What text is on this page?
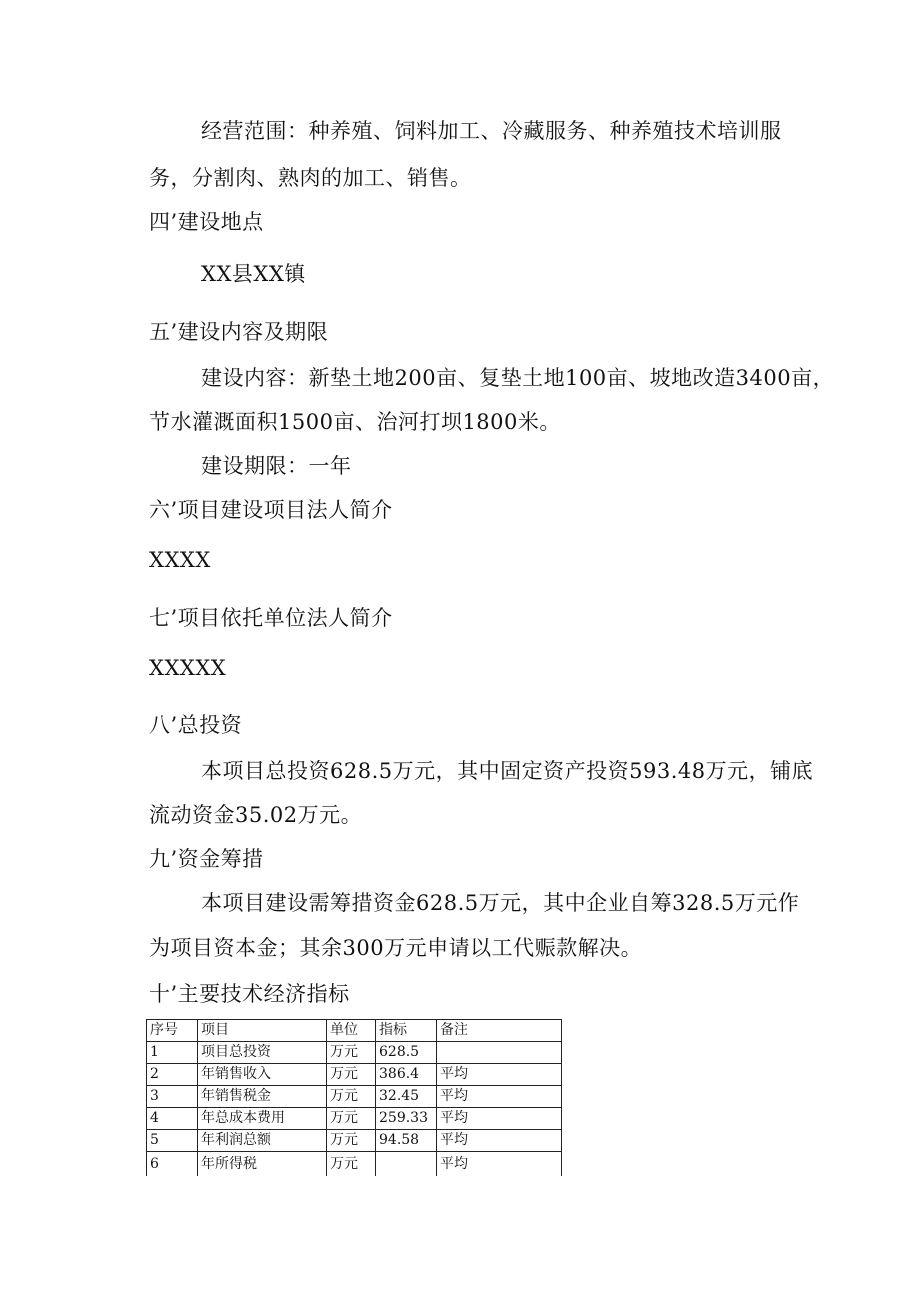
经营范围：种养殖、饲料加工、冷藏服务、种养殖技术培训服
务，分割肉、熟肉的加工、销售。
四’建设地点
XX县XX镇
五’建设内容及期限
建设内容：新垫土地200亩、复垫土地100亩、坡地改造3400亩，
节水灌溉面积1500亩、治河打坝1800米。
建设期限：一年
六’项目建设项目法人简介
XXXX
七’项目依托单位法人简介
XXXXX
八’总投资
本项目总投资628.5万元，其中固定资产投资593.48万元，铺底
流动资金35.02万元。
九’资金筹措
本项目建设需筹措资金628.5万元，其中企业自筹328.5万元作
为项目资本金；其余300万元申请以工代赈款解决。
十’主要技术经济指标
序号	项目	单位	指标	备注
1	项目总投资	万元	628.5	
2	年销售收入	万元	386.4	平均
3	年销售税金	万元	32.45	平均
4	年总成本费用	万元	259.33	平均
5	年利润总额	万元	94.58	平均
6	年所得税	万元		平均
